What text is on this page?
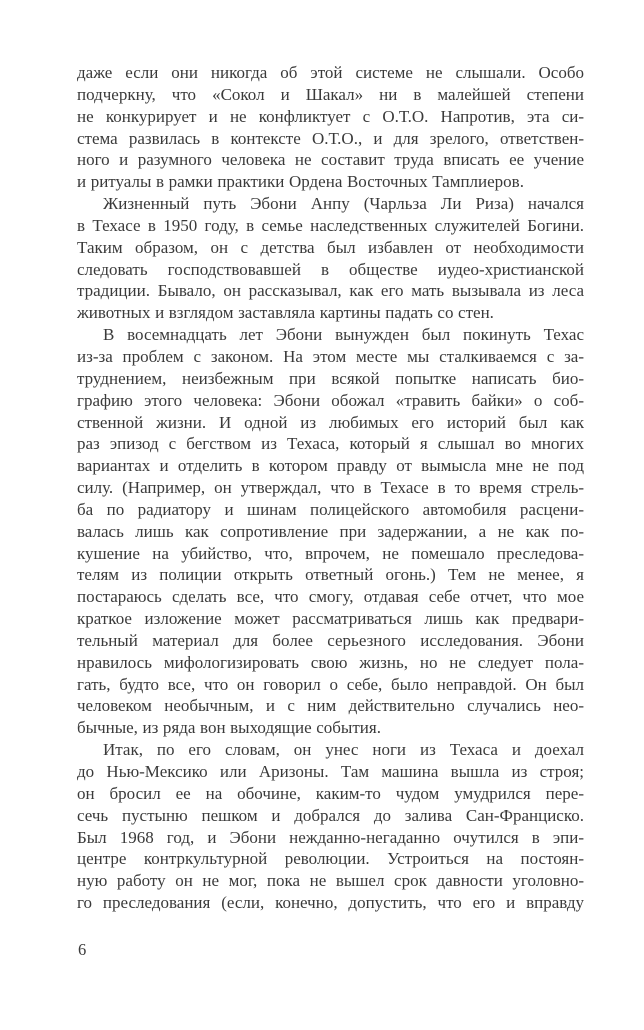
даже если они никогда об этой системе не слышали. Особо
подчеркну, что «Сокол и Шакал» ни в малейшей степени
не конкурирует и не конфликтует с О.Т.О. Напротив, эта си-
стема развилась в контексте О.Т.О., и для зрелого, ответствен-
ного и разумного человека не составит труда вписать ее учение
и ритуалы в рамки практики Ордена Восточных Тамплиеров.
Жизненный путь Эбони Анпу (Чарльза Ли Риза) начался
в Техасе в 1950 году, в семье наследственных служителей Богини.
Таким образом, он с детства был избавлен от необходимости
следовать господствовавшей в обществе иудео-христианской
традиции. Бывало, он рассказывал, как его мать вызывала из леса
животных и взглядом заставляла картины падать со стен.
В восемнадцать лет Эбони вынужден был покинуть Техас
из-за проблем с законом. На этом месте мы сталкиваемся с за-
труднением, неизбежным при всякой попытке написать био-
графию этого человека: Эбони обожал «травить байки» о соб-
ственной жизни. И одной из любимых его историй был как
раз эпизод с бегством из Техаса, который я слышал во многих
вариантах и отделить в котором правду от вымысла мне не под
силу. (Например, он утверждал, что в Техасе в то время стрель-
ба по радиатору и шинам полицейского автомобиля расцени-
валась лишь как сопротивление при задержании, а не как по-
кушение на убийство, что, впрочем, не помешало преследова-
телям из полиции открыть ответный огонь.) Тем не менее, я
постараюсь сделать все, что смогу, отдавая себе отчет, что мое
краткое изложение может рассматриваться лишь как предвари-
тельный материал для более серьезного исследования. Эбони
нравилось мифологизировать свою жизнь, но не следует пола-
гать, будто все, что он говорил о себе, было неправдой. Он был
человеком необычным, и с ним действительно случались нео-
бычные, из ряда вон выходящие события.
Итак, по его словам, он унес ноги из Техаса и доехал
до Нью-Мексико или Аризоны. Там машина вышла из строя;
он бросил ее на обочине, каким-то чудом умудрился пере-
сечь пустыню пешком и добрался до залива Сан-Франциско.
Был 1968 год, и Эбони нежданно-негаданно очутился в эпи-
центре контркультурной революции. Устроиться на постоян-
ную работу он не мог, пока не вышел срок давности уголовно-
го преследования (если, конечно, допустить, что его и вправду
6
